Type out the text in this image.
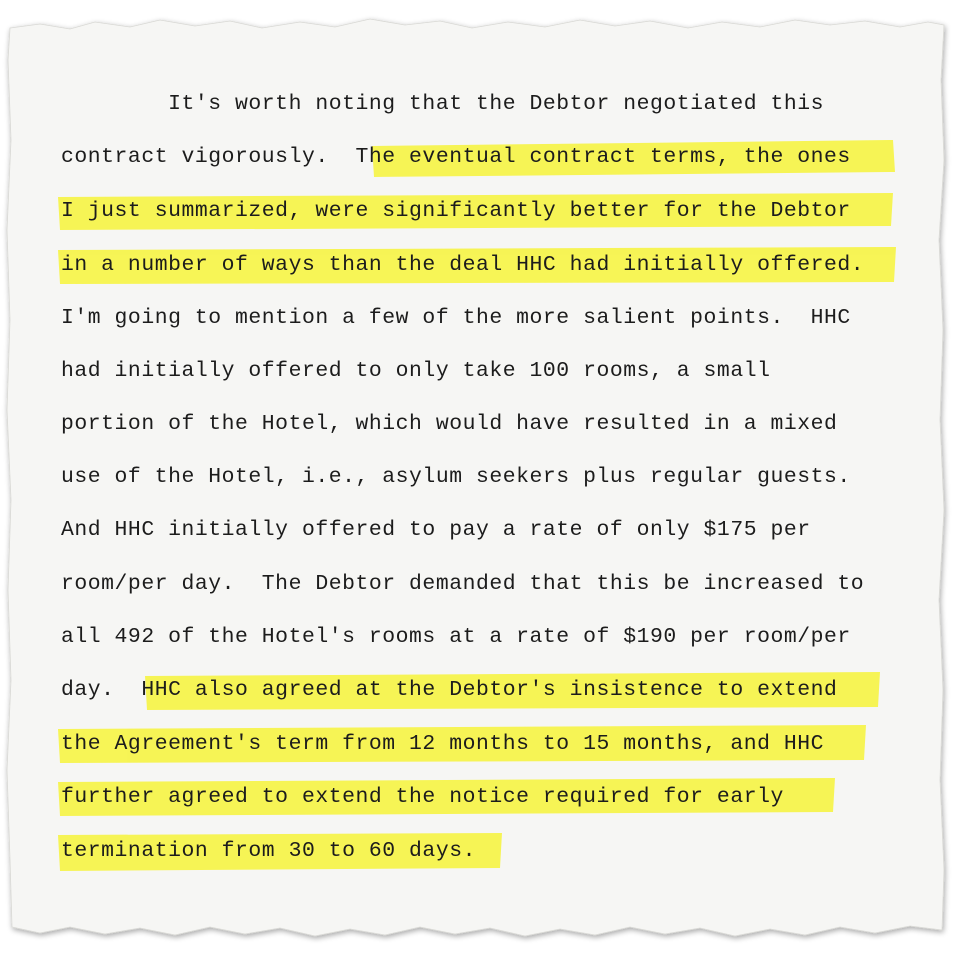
It's worth noting that the Debtor negotiated this

contract vigorously.  The eventual contract terms, the ones

I just summarized, were significantly better for the Debtor

in a number of ways than the deal HHC had initially offered.

I'm going to mention a few of the more salient points.  HHC

had initially offered to only take 100 rooms, a small

portion of the Hotel, which would have resulted in a mixed

use of the Hotel, i.e., asylum seekers plus regular guests.

And HHC initially offered to pay a rate of only $175 per

room/per day.  The Debtor demanded that this be increased to

all 492 of the Hotel's rooms at a rate of $190 per room/per

day.  HHC also agreed at the Debtor's insistence to extend

the Agreement's term from 12 months to 15 months, and HHC

further agreed to extend the notice required for early

termination from 30 to 60 days.
